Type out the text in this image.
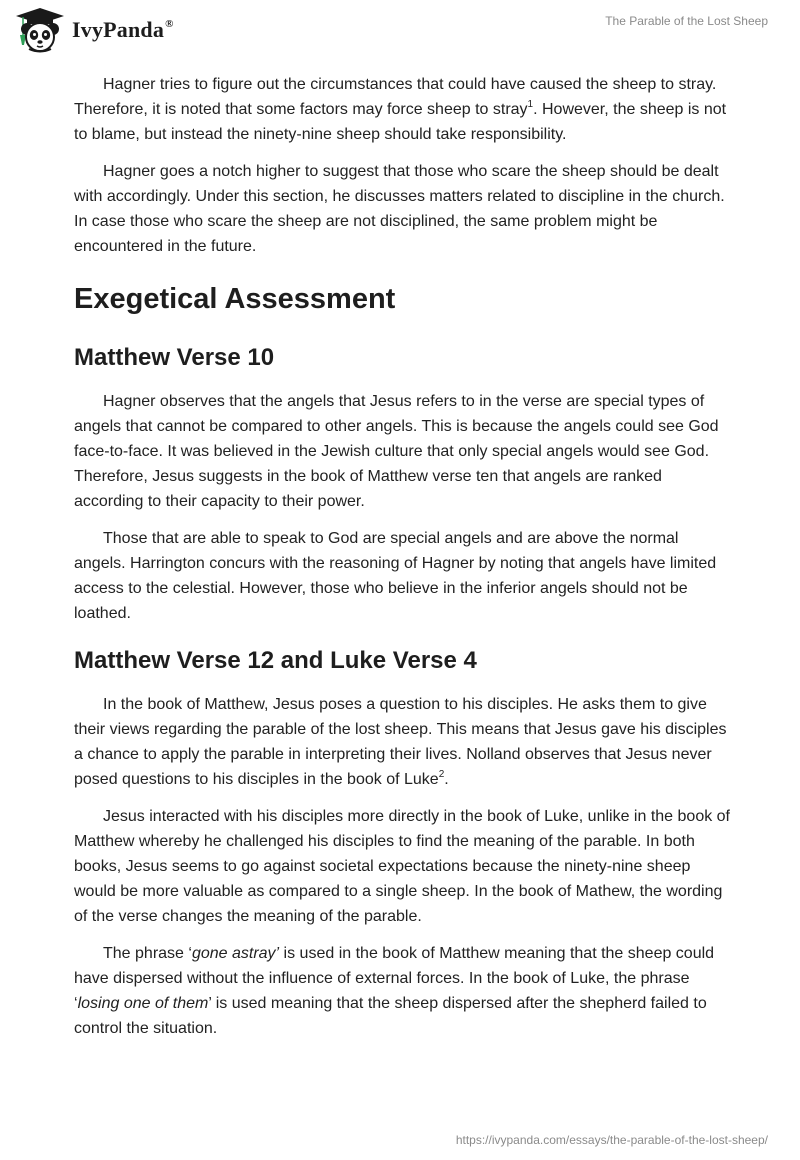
IvyPanda®	The Parable of the Lost Sheep

Hagner tries to figure out the circumstances that could have caused the sheep to stray. Therefore, it is noted that some factors may force sheep to stray$^1$. However, the sheep is not to blame, but instead the ninety-nine sheep should take responsibility.

Hagner goes a notch higher to suggest that those who scare the sheep should be dealt with accordingly. Under this section, he discusses matters related to discipline in the church. In case those who scare the sheep are not disciplined, the same problem might be encountered in the future.

Exegetical Assessment
Matthew Verse 10

Hagner observes that the angels that Jesus refers to in the verse are special types of angels that cannot be compared to other angels. This is because the angels could see God face-to-face. It was believed in the Jewish culture that only special angels would see God. Therefore, Jesus suggests in the book of Matthew verse ten that angels are ranked according to their capacity to their power.

Those that are able to speak to God are special angels and are above the normal angels. Harrington concurs with the reasoning of Hagner by noting that angels have limited access to the celestial. However, those who believe in the inferior angels should not be loathed.

Matthew Verse 12 and Luke Verse 4

In the book of Matthew, Jesus poses a question to his disciples. He asks them to give their views regarding the parable of the lost sheep. This means that Jesus gave his disciples a chance to apply the parable in interpreting their lives. Nolland observes that Jesus never posed questions to his disciples in the book of Luke$^2$.

Jesus interacted with his disciples more directly in the book of Luke, unlike in the book of Matthew whereby he challenged his disciples to find the meaning of the parable. In both books, Jesus seems to go against societal expectations because the ninety-nine sheep would be more valuable as compared to a single sheep. In the book of Mathew, the wording of the verse changes the meaning of the parable.

The phrase ‘gone astray’ is used in the book of Matthew meaning that the sheep could have dispersed without the influence of external forces. In the book of Luke, the phrase ‘losing one of them’ is used meaning that the sheep dispersed after the shepherd failed to control the situation.

https://ivypanda.com/essays/the-parable-of-the-lost-sheep/
